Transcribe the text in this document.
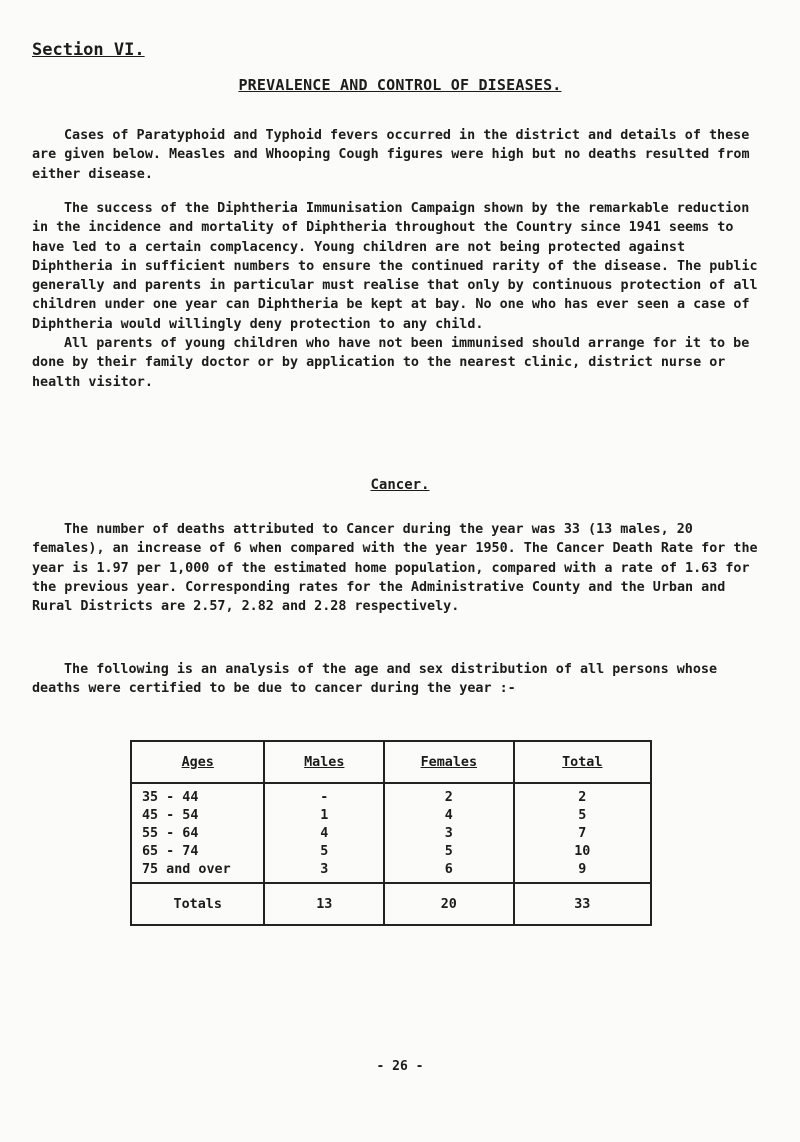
Section VI.
PREVALENCE AND CONTROL OF DISEASES.

Cases of Paratyphoid and Typhoid fevers occurred in the district and details of these are given below. Measles and Whooping Cough figures were high but no deaths resulted from either disease.

The success of the Diphtheria Immunisation Campaign shown by the remarkable reduction in the incidence and mortality of Diphtheria throughout the Country since 1941 seems to have led to a certain complacency. Young children are not being protected against Diphtheria in sufficient numbers to ensure the continued rarity of the disease. The public generally and parents in particular must realise that only by continuous protection of all children under one year can Diphtheria be kept at bay. No one who has ever seen a case of Diphtheria would willingly deny protection to any child.
All parents of young children who have not been immunised should arrange for it to be done by their family doctor or by application to the nearest clinic, district nurse or health visitor.

Cancer.

The number of deaths attributed to Cancer during the year was 33 (13 males, 20 females), an increase of 6 when compared with the year 1950. The Cancer Death Rate for the year is 1.97 per 1,000 of the estimated home population, compared with a rate of 1.63 for the previous year. Corresponding rates for the Administrative County and the Urban and Rural Districts are 2.57, 2.82 and 2.28 respectively.

The following is an analysis of the age and sex distribution of all persons whose deaths were certified to be due to cancer during the year :-

Ages	Males	Females	Total
35 - 44	-	2	2
45 - 54	1	4	5
55 - 64	4	3	7
65 - 74	5	5	10
75 and over	3	6	9
Totals	13	20	33
- 26 -
